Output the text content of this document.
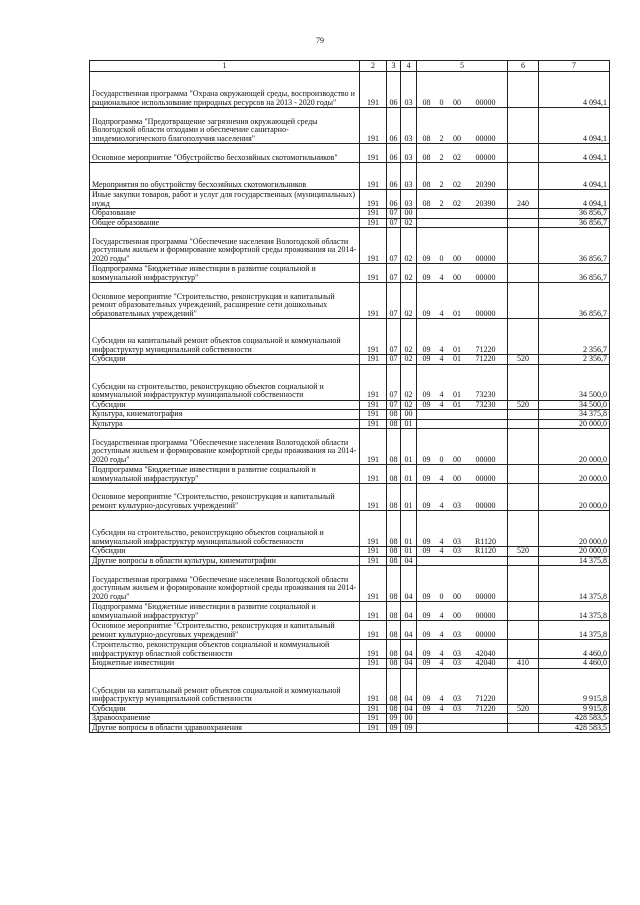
79
1	2	3	4	5	6	7

Государственная программа "Охрана окружающей среды, воспроизводство и рациональное использование природных ресурсов на 2013 - 2020 годы"	191	06	03	08 0 00 00000		4 094,1

Подпрограмма "Предотвращение загрязнения окружающей среды Вологодской области отходами и обеспечение санитарно-эпидемиологического благополучия населения"	191	06	03	08 2 00 00000		4 094,1

Основное мероприятие "Обустройство бесхозяйных скотомогильников"	191	06	03	08 2 02 00000		4 094,1

Мероприятия по обустройству бесхозяйных скотомогильников	191	06	03	08 2 02 20390		4 094,1

Иные закупки товаров, работ и услуг для государственных (муниципальных) нужд	191	06	03	08 2 02 20390	240	4 094,1

Образование	191	07	00			36 856,7

Общее образование	191	07	02			36 856,7

Государственная программа "Обеспечение населения Вологодской области доступным жильем и формирование комфортной среды проживания на 2014-2020 годы"	191	07	02	09 0 00 00000		36 856,7

Подпрограмма "Бюджетные инвестиции в развитие социальной и коммунальной инфраструктур"	191	07	02	09 4 00 00000		36 856,7

Основное мероприятие "Строительство, реконструкция и капитальный ремонт образовательных учреждений, расширение сети дошкольных образовательных учреждений"	191	07	02	09 4 01 00000		36 856,7

Субсидии на капитальный ремонт объектов социальной и коммунальной инфраструктур муниципальной собственности	191	07	02	09 4 01 71220		2 356,7

Субсидии	191	07	02	09 4 01 71220	520	2 356,7

Субсидии на строительство, реконструкцию объектов социальной и коммунальной инфраструктур муниципальной собственности	191	07	02	09 4 01 73230		34 500,0

Субсидии	191	07	02	09 4 01 73230	520	34 500,0

Культура, кинематография	191	08	00			34 375,8

Культура	191	08	01			20 000,0

Государственная программа "Обеспечение населения Вологодской области доступным жильем и формирование комфортной среды проживания на 2014-2020 годы"	191	08	01	09 0 00 00000		20 000,0

Подпрограмма "Бюджетные инвестиции в развитие социальной и коммунальной инфраструктур"	191	08	01	09 4 00 00000		20 000,0

Основное мероприятие "Строительство, реконструкция и капитальный ремонт культурно-досуговых учреждений"	191	08	01	09 4 03 00000		20 000,0

Субсидии на строительство, реконструкцию объектов социальной и коммунальной инфраструктур муниципальной собственности	191	08	01	09 4 03 R1120		20 000,0

Субсидии	191	08	01	09 4 03 R1120	520	20 000,0

Другие вопросы в области культуры, кинематографии	191	08	04			14 375,8

Государственная программа "Обеспечение населения Вологодской области доступным жильем и формирование комфортной среды проживания на 2014-2020 годы"	191	08	04	09 0 00 00000		14 375,8

Подпрограмма "Бюджетные инвестиции в развитие социальной и коммунальной инфраструктур"	191	08	04	09 4 00 00000		14 375,8

Основное мероприятие "Строительство, реконструкция и капитальный ремонт культурно-досуговых учреждений"	191	08	04	09 4 03 00000		14 375,8

Строительство, реконструкция объектов социальной и коммунальной инфраструктур областной собственности	191	08	04	09 4 03 42040		4 460,0

Бюджетные инвестиции	191	08	04	09 4 03 42040	410	4 460,0

Субсидии на капитальный ремонт объектов социальной и коммунальной инфраструктур муниципальной собственности	191	08	04	09 4 03 71220		9 915,8

Субсидии	191	08	04	09 4 03 71220	520	9 915,8

Здравоохранение	191	09	00			428 583,5

Другие вопросы в области здравоохранения	191	09	09			428 583,5
